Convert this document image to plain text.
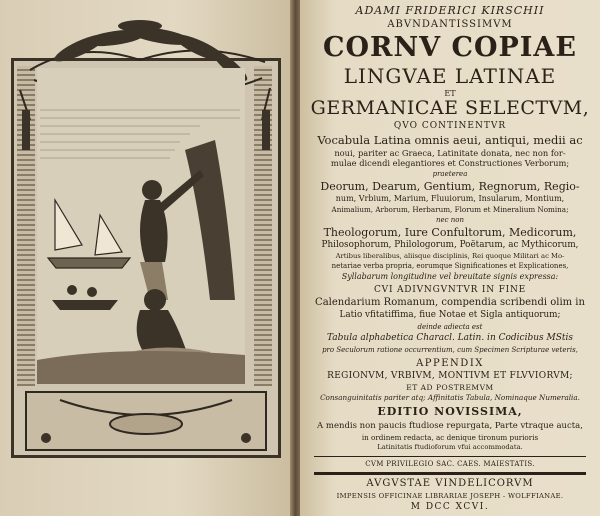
ADAMI FRIDERICI KIRSCHII
ABVNDANTISSIMVM
CORNV COPIAE
LINGVAE LATINAE
ET
GERMANICAE SELECTVM,
QVO CONTINENTVR
Vocabula Latina omnis aeui, antiqui, medii ac
noui, pariter ac Graeca, Latinitate donata, nec non for-
mulae dicendi elegantiores et Constructiones Verborum;
praeterea
Deorum, Dearum, Gentium, Regnorum, Regio-
num, Vrbium, Marium, Fluuiorum, Insularum, Montium,
Animalium, Arborum, Herbarum, Florum et Mineralium Nomina;
nec non
Theologorum, Iure Confultorum, Medicorum,
Philosophorum, Philologorum, Poëtarum, ac Mythicorum,
Artibus liberalibus, aliisque disciplinis, Rei quoque Militari ac Mo-
netariae verba propria, eorumque Significationes et Explicationes,
Syllabarum longitudine vel breuitate signis expressa:
CVI ADIVNGVNTVR IN FINE
Calendarium Romanum, compendia scribendi olim in
Latio vfitatiffima, fiue Notae et Sigla antiquorum;
deinde adiecta est
Tabula alphabetica Characl. Latin. in Codicibus MStis
pro Seculorum ratione occurrentium, cum Specimen Scripturae veteris,
APPENDIX
REGIONVM, VRBIVM, MONTIVM ET FLVVIORVM;
ET AD POSTREMVM
Consanguinitatis pariter atq; Affinitatis Tabula, Nominaque Numeralia.
EDITIO NOVISSIMA,
A mendis non paucis ftudiose repurgata, Parte vtraque aucta,
in ordinem redacta, ac denique tironum purioris
Latinitatis ftudioforum vfui accommodata.
CVM PRIVILEGIO SAC. CAES. MAIESTATIS.
AVGVSTAE VINDELICORVM
IMPENSIS OFFICINAE LIBRARIAE JOSEPH - WOLFFIANAE.
M DCC XCVI.
